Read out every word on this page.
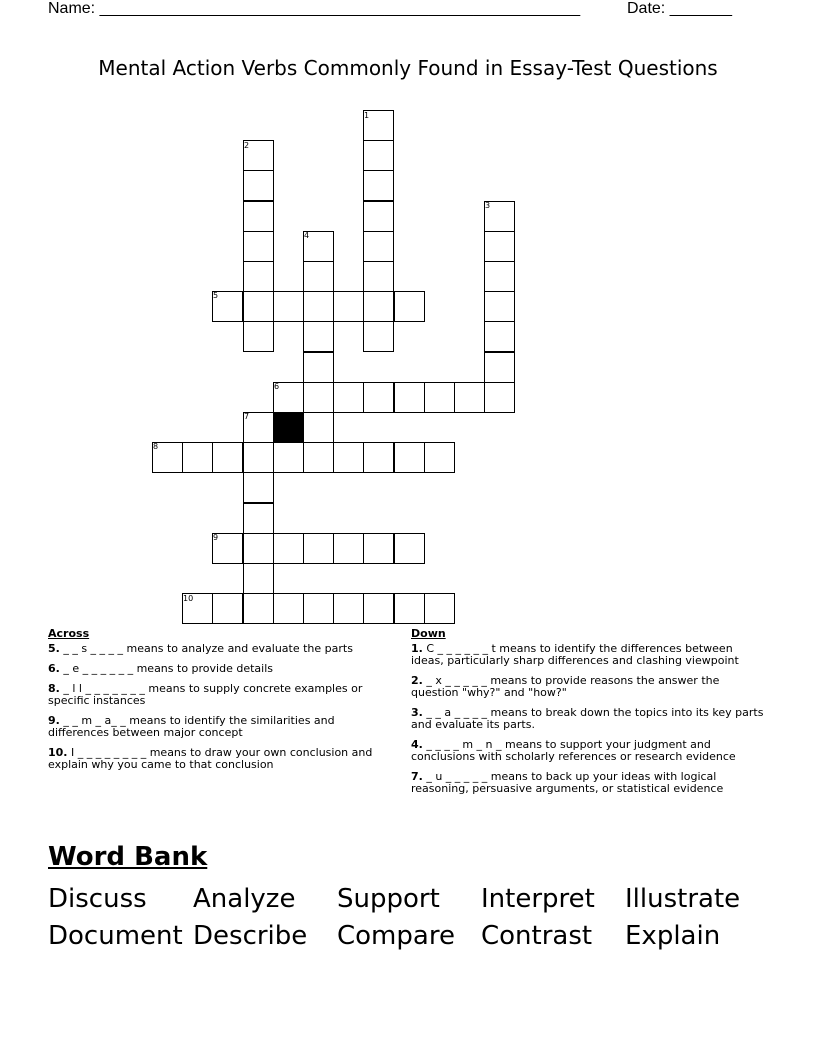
Name: ______________________________________________________	Date: _______
Mental Action Verbs Commonly Found in Essay-Test Questions
1
2
3
4
5
6
7
8
9
10
Across
5. _ _ s _ _ _ _ means to analyze and evaluate the parts
6. _ e _ _ _ _ _ _ means to provide details
8. _ l l _ _ _ _ _ _ _ means to supply concrete examples or specific instances
9. _ _ m _ a_ _ means to identify the similarities and differences between major concept
10. I _ _ _ _ _ _ _ _ means to draw your own conclusion and explain why you came to that conclusion
Down
1. C _ _ _ _ _ _ t means to identify the differences between ideas, particularly sharp differences and clashing viewpoint
2. _ x _ _ _ _ _ means to provide reasons the answer the question "why?" and "how?"
3. _ _ a _ _ _ _ means to break down the topics into its key parts and evaluate its parts.
4. _ _ _ _ m _ n _ means to support your judgment and conclusions with scholarly references or research evidence
7. _ u _ _ _ _ _ means to back up your ideas with logical reasoning, persuasive arguments, or statistical evidence
Word Bank
Discuss Analyze Support Interpret Illustrate
Document Describe Compare Contrast Explain
